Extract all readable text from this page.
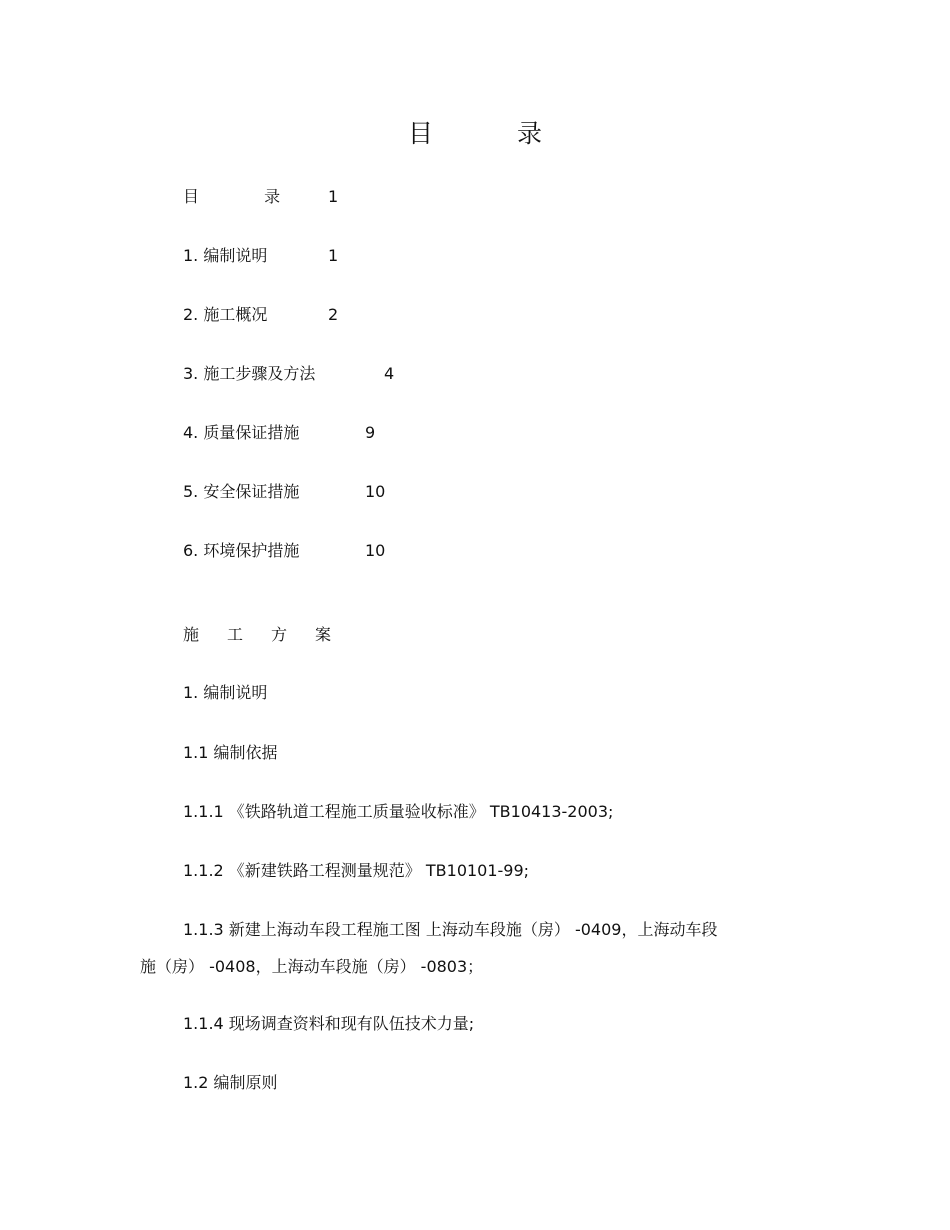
目录
目 录 1
1. 编制说明	1
2. 施工概况	2
3. 施工步骤及方法	4
4. 质量保证措施	9
5. 安全保证措施	10
6. 环境保护措施	10
施工方案
1. 编制说明
1.1 编制依据
1.1.1 《铁路轨道工程施工质量验收标准》 TB10413-2003;
1.1.2 《新建铁路工程测量规范》 TB10101-99;
1.1.3 新建上海动车段工程施工图 上海动车段施（房） -0409，上海动车段
施（房） -0408，上海动车段施（房） -0803；
1.1.4 现场调查资料和现有队伍技术力量;
1.2 编制原则
